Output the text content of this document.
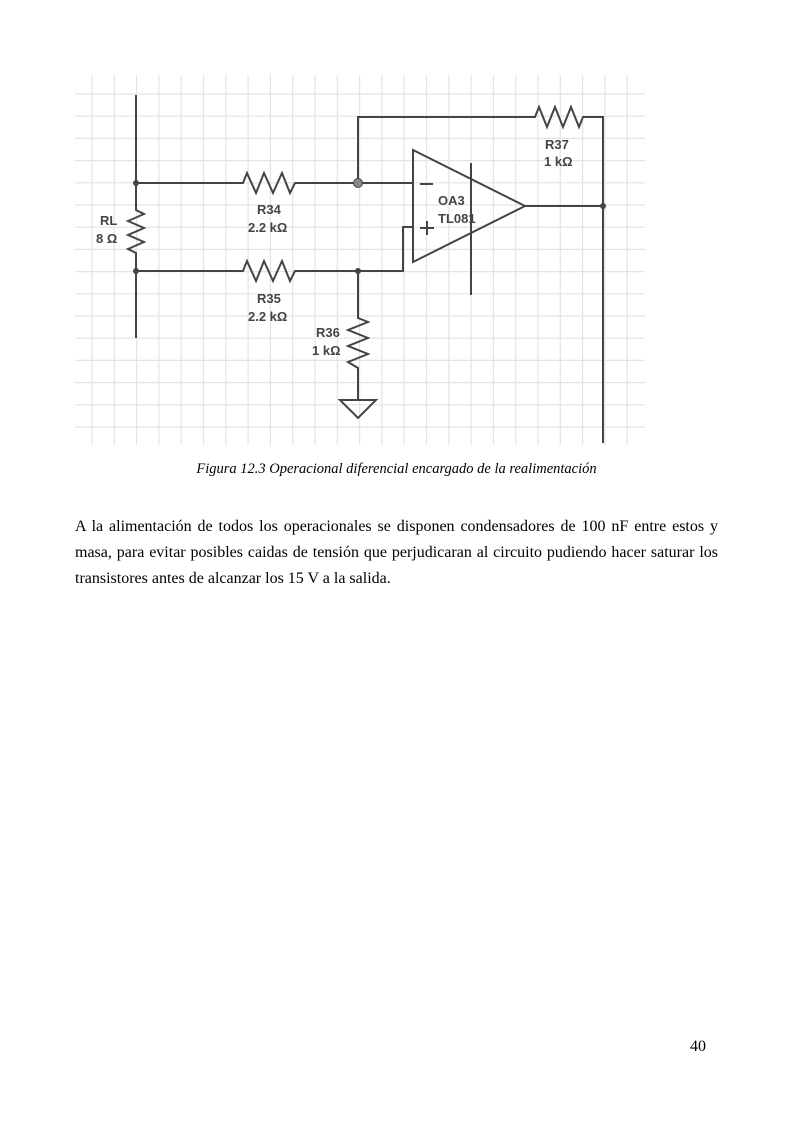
RL
8 Ω
R34
2.2 kΩ
R35
2.2 kΩ
R36
1 kΩ
R37
1 kΩ
OA3
TL081
Figura 12.3 Operacional diferencial encargado de la realimentación

A la alimentación de todos los operacionales se disponen condensadores de 100 nF entre estos y masa, para evitar posibles caidas de tensión que perjudicaran al circuito pudiendo hacer saturar los transistores antes de alcanzar los 15 V a la salida.

40
